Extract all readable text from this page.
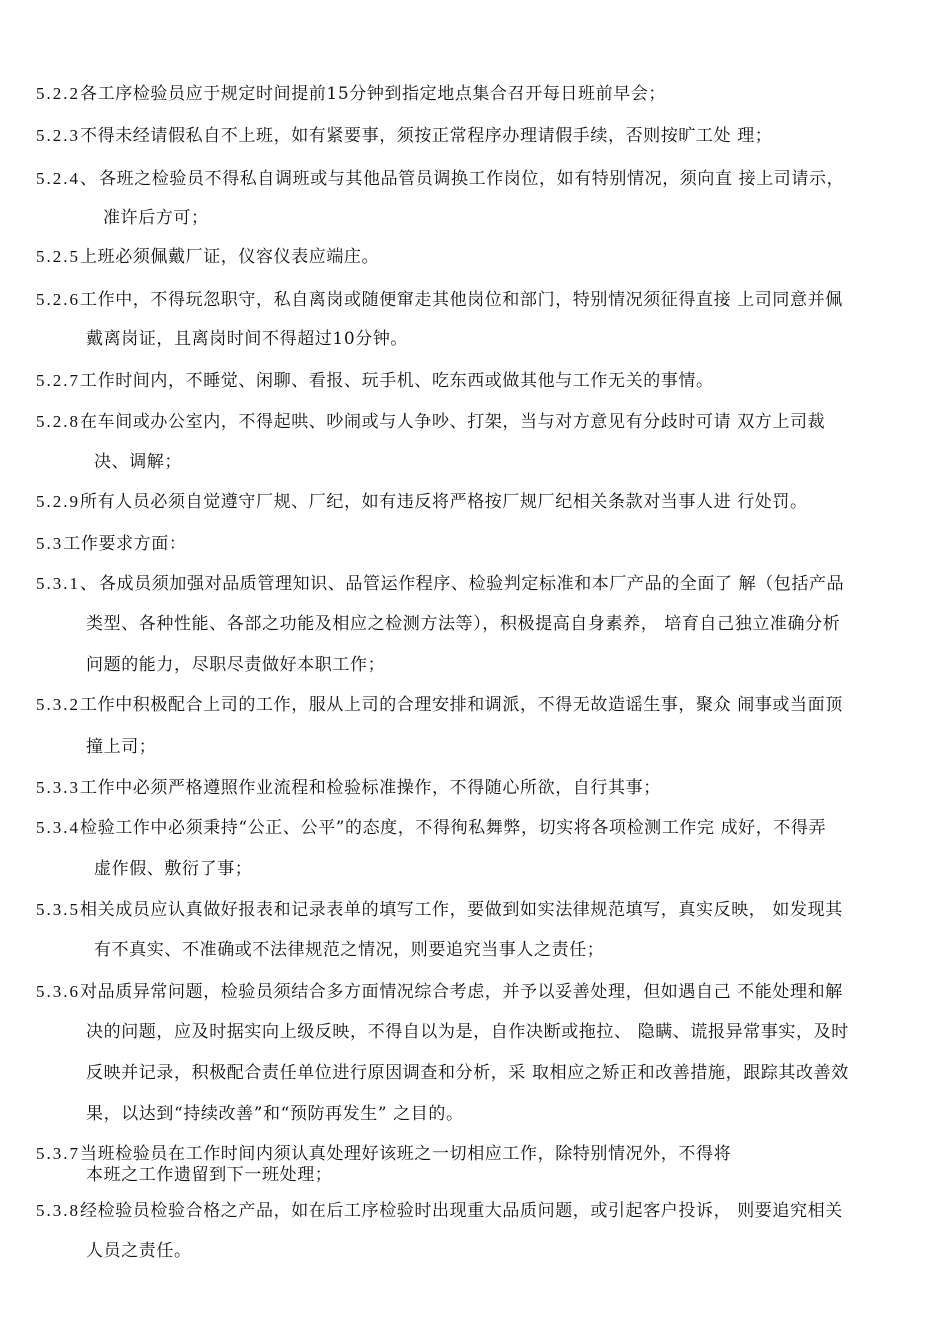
5.2.2各工序检验员应于规定时间提前15分钟到指定地点集合召开每日班前早会；
5.2.3不得未经请假私自不上班，如有紧要事，须按正常程序办理请假手续，否则按旷工处 理；
5.2.4、各班之检验员不得私自调班或与其他品管员调换工作岗位，如有特别情况，须向直 接上司请示，
准许后方可；
5.2.5上班必须佩戴厂证，仪容仪表应端庄。
5.2.6工作中，不得玩忽职守，私自离岗或随便窜走其他岗位和部门，特别情况须征得直接 上司同意并佩
戴离岗证，且离岗时间不得超过10分钟。
5.2.7工作时间内，不睡觉、闲聊、看报、玩手机、吃东西或做其他与工作无关的事情。
5.2.8在车间或办公室内，不得起哄、吵闹或与人争吵、打架，当与对方意见有分歧时可请 双方上司裁
决、调解；
5.2.9所有人员必须自觉遵守厂规、厂纪，如有违反将严格按厂规厂纪相关条款对当事人进 行处罚。
5.3工作要求方面：
5.3.1、各成员须加强对品质管理知识、品管运作程序、检验判定标准和本厂产品的全面了 解（包括产品
类型、各种性能、各部之功能及相应之检测方法等），积极提高自身素养， 培育自己独立准确分析
问题的能力，尽职尽责做好本职工作；
5.3.2工作中积极配合上司的工作，服从上司的合理安排和调派，不得无故造谣生事，聚众 闹事或当面顶
撞上司；
5.3.3工作中必须严格遵照作业流程和检验标准操作，不得随心所欲，自行其事；
5.3.4检验工作中必须秉持“公正、公平”的态度，不得徇私舞弊，切实将各项检测工作完 成好，不得弄
虚作假、敷衍了事；
5.3.5相关成员应认真做好报表和记录表单的填写工作，要做到如实法律规范填写，真实反映， 如发现其
有不真实、不准确或不法律规范之情况，则要追究当事人之责任；
5.3.6对品质异常问题，检验员须结合多方面情况综合考虑，并予以妥善处理，但如遇自己 不能处理和解
决的问题，应及时据实向上级反映，不得自以为是，自作决断或拖拉、 隐瞒、谎报异常事实，及时
反映并记录，积极配合责任单位进行原因调查和分析，采 取相应之矫正和改善措施，跟踪其改善效
果，以达到“持续改善”和“预防再发生” 之目的。
5.3.7当班检验员在工作时间内须认真处理好该班之一切相应工作，除特别情况外，不得将
本班之工作遗留到下一班处理；
5.3.8经检验员检验合格之产品，如在后工序检验时出现重大品质问题，或引起客户投诉， 则要追究相关
人员之责任。
